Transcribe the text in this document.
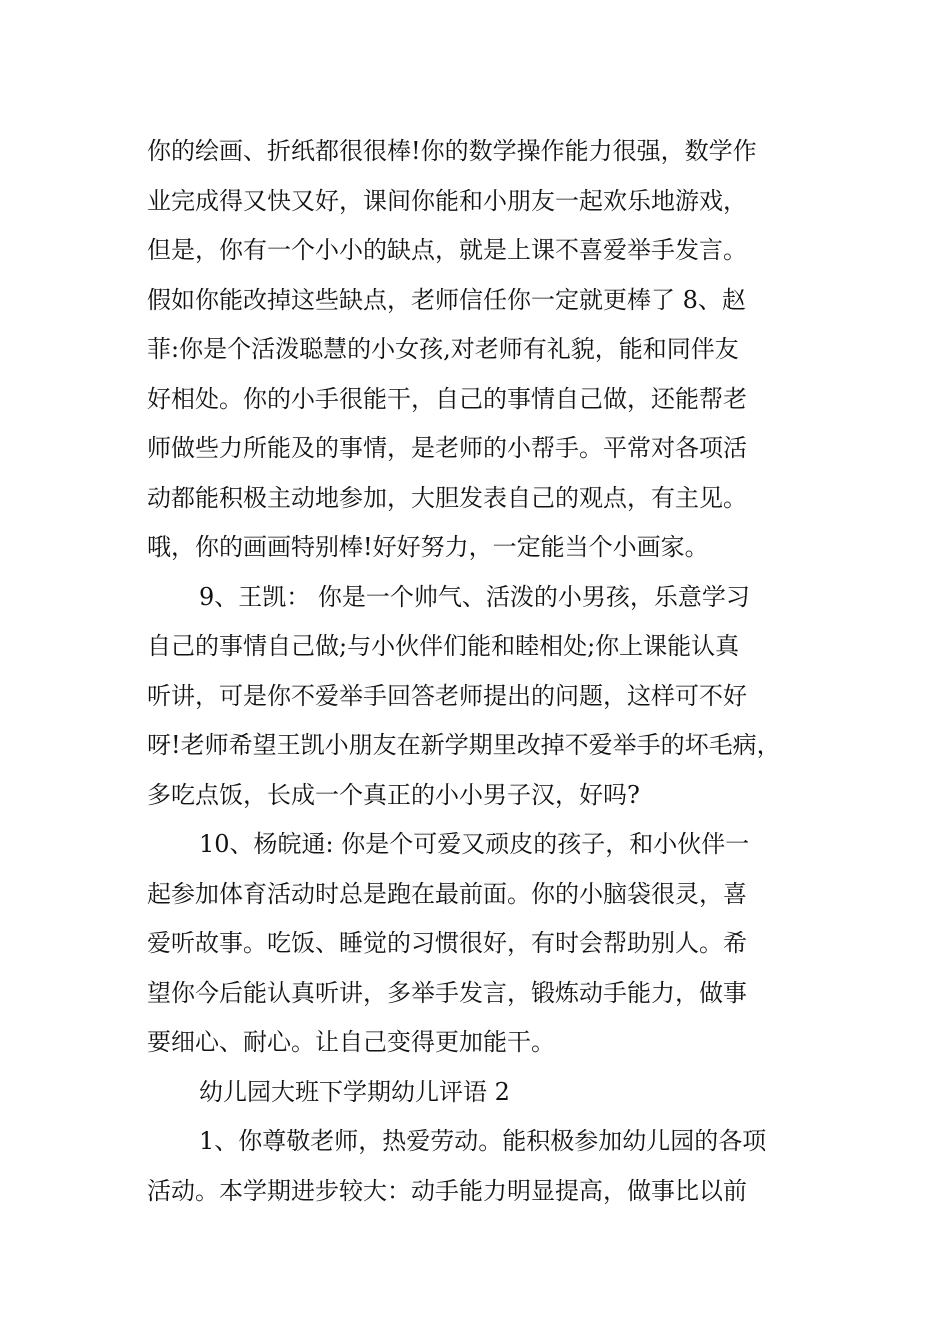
你的绘画、折纸都很很棒!你的数学操作能力很强，数学作
业完成得又快又好，课间你能和小朋友一起欢乐地游戏，
但是，你有一个小小的缺点，就是上课不喜爱举手发言。
假如你能改掉这些缺点，老师信任你一定就更棒了 8、赵
菲:你是个活泼聪慧的小女孩,对老师有礼貌，能和同伴友
好相处。你的小手很能干，自己的事情自己做，还能帮老
师做些力所能及的事情，是老师的小帮手。平常对各项活
动都能积极主动地参加，大胆发表自己的观点，有主见。
哦，你的画画特别棒!好好努力，一定能当个小画家。

9、王凯： 你是一个帅气、活泼的小男孩，乐意学习
自己的事情自己做;与小伙伴们能和睦相处;你上课能认真
听讲，可是你不爱举手回答老师提出的问题，这样可不好
呀!老师希望王凯小朋友在新学期里改掉不爱举手的坏毛病，
多吃点饭，长成一个真正的小小男子汉，好吗?

10、杨皖通: 你是个可爱又顽皮的孩子，和小伙伴一
起参加体育活动时总是跑在最前面。你的小脑袋很灵，喜
爱听故事。吃饭、睡觉的习惯很好，有时会帮助别人。希
望你今后能认真听讲，多举手发言，锻炼动手能力，做事
要细心、耐心。让自己变得更加能干。

幼儿园大班下学期幼儿评语 2

1、你尊敬老师，热爱劳动。能积极参加幼儿园的各项
活动。本学期进步较大：动手能力明显提高，做事比以前
